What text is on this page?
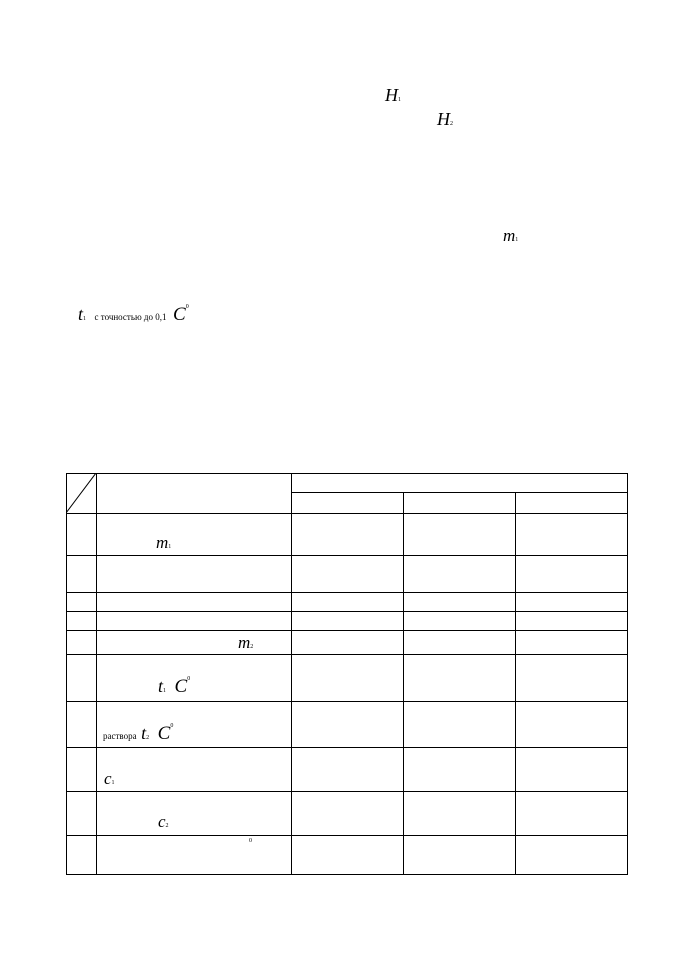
H1
H2
m1
t1 с точностью до 0,1 $C^0$
m1
m2
t1 $C^0$
раствора t2 $C^0$
c1
c2
$^0$
